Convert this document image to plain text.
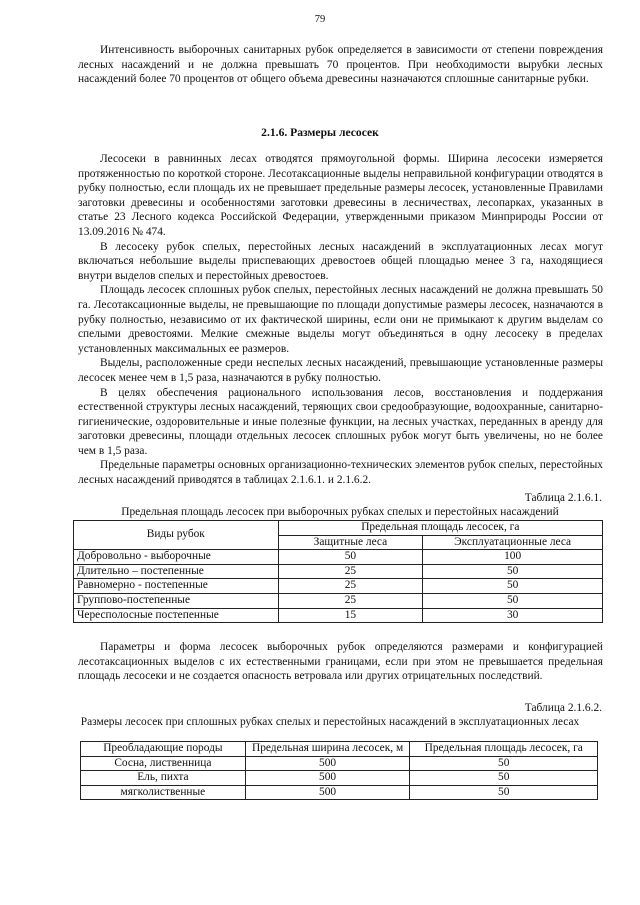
79

Интенсивность выборочных санитарных рубок определяется в зависимости от степени повреждения лесных насаждений и не должна превышать 70 процентов. При необходимости вырубки лесных насаждений более 70 процентов от общего объема древесины назначаются сплошные санитарные рубки.

2.1.6. Размеры лесосек

Лесосеки в равнинных лесах отводятся прямоугольной формы. Ширина лесосеки измеряется протяженностью по короткой стороне. Лесотаксационные выделы неправильной конфигурации отводятся в рубку полностью, если площадь их не превышает предельные размеры лесосек, установленные Правилами заготовки древесины и особенностями заготовки древесины в лесничествах, лесопарках, указанных в статье 23 Лесного кодекса Российской Федерации, утвержденными приказом Минприроды России от 13.09.2016 № 474.

В лесосеку рубок спелых, перестойных лесных насаждений в эксплуатационных лесах могут включаться небольшие выделы приспевающих древостоев общей площадью менее 3 га, находящиеся внутри выделов спелых и перестойных древостоев.

Площадь лесосек сплошных рубок спелых, перестойных лесных насаждений не должна превышать 50 га. Лесотаксационные выделы, не превышающие по площади допустимые размеры лесосек, назначаются в рубку полностью, независимо от их фактической ширины, если они не примыкают к другим выделам со спелыми древостоями. Мелкие смежные выделы могут объединяться в одну лесосеку в пределах установленных максимальных ее размеров.

Выделы, расположенные среди неспелых лесных насаждений, превышающие установленные размеры лесосек менее чем в 1,5 раза, назначаются в рубку полностью.

В целях обеспечения рационального использования лесов, восстановления и поддержания естественной структуры лесных насаждений, теряющих свои средообразующие, водоохранные, санитарно-гигиенические, оздоровительные и иные полезные функции, на лесных участках, переданных в аренду для заготовки древесины, площади отдельных лесосек сплошных рубок могут быть увеличены, но не более чем в 1,5 раза.

Предельные параметры основных организационно-технических элементов рубок спелых, перестойных лесных насаждений приводятся в таблицах 2.1.6.1. и 2.1.6.2.

Таблица 2.1.6.1.
Предельная площадь лесосек при выборочных рубках спелых и перестойных насаждений
Виды рубок	Предельная площадь лесосек, га	
	Защитные леса	Эксплуатационные леса
Добровольно - выборочные	50	100
Длительно – постепенные	25	50
Равномерно - постепенные	25	50
Группово-постепенные	25	50
Чересполосные постепенные	15	30

Параметры и форма лесосек выборочных рубок определяются размерами и конфигурацией лесотаксационных выделов с их естественными границами, если при этом не превышается предельная площадь лесосеки и не создается опасность ветровала или других отрицательных последствий.

Таблица 2.1.6.2.
Размеры лесосек при сплошных рубках спелых и перестойных насаждений в эксплуатационных лесах
Преобладающие породы	Предельная ширина лесосек, м	Предельная площадь лесосек, га
Сосна, лиственница	500	50
Ель, пихта	500	50
мягколиственные	500	50
